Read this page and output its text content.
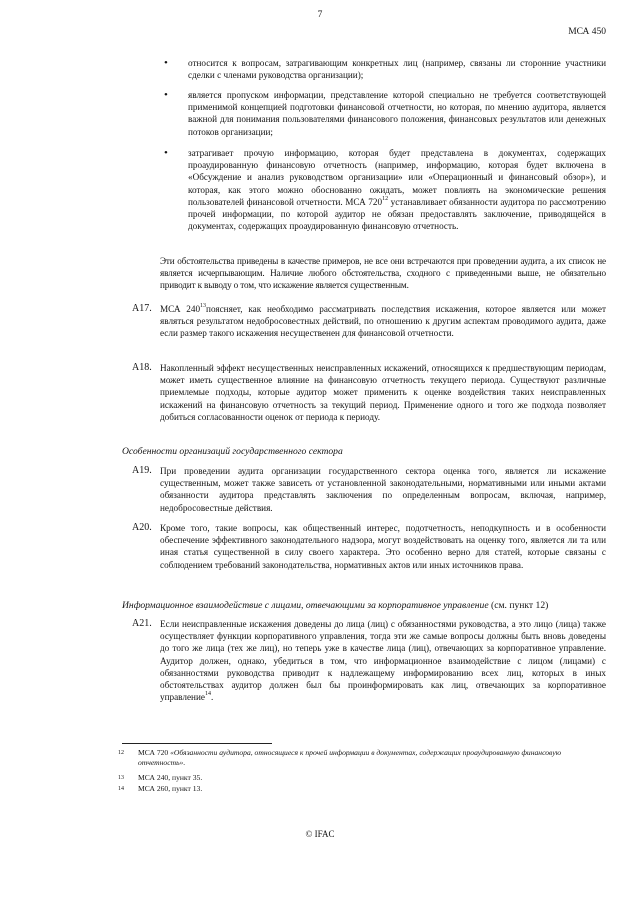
7
МСА 450
• относится к вопросам, затрагивающим конкретных лиц (например, связаны ли сторонние участники сделки с членами руководства организации);
• является пропуском информации, представление которой специально не требуется соответствующей применимой концепцией подготовки финансовой отчетности, но которая, по мнению аудитора, является важной для понимания пользователями финансового положения, финансовых результатов или денежных потоков организации;
• затрагивает прочую информацию, которая будет представлена в документах, содержащих проаудированную финансовую отчетность (например, информацию, которая будет включена в «Обсуждение и анализ руководством организации» или «Операционный и финансовый обзор»), и которая, как этого можно обоснованно ожидать, может повлиять на экономические решения пользователей финансовой отчетности. МСА $720^{12}$ устанавливает обязанности аудитора по рассмотрению прочей информации, по которой аудитор не обязан предоставлять заключение, приводящейся в документах, содержащих проаудированную финансовую отчетность.
Эти обстоятельства приведены в качестве примеров, не все они встречаются при проведении аудита, а их список не является исчерпывающим. Наличие любого обстоятельства, сходного с приведенными выше, не обязательно приводит к выводу о том, что искажение является существенным.
A17. МСА $240^{13}поясняет$, как необходимо рассматривать последствия искажения, которое является или может являться результатом недобросовестных действий, по отношению к другим аспектам проводимого аудита, даже если размер такого искажения несущественен для финансовой отчетности.
A18. Накопленный эффект несущественных неисправленных искажений, относящихся к предшествующим периодам, может иметь существенное влияние на финансовую отчетность текущего периода. Существуют различные приемлемые подходы, которые аудитор может применить к оценке воздействия таких неисправленных искажений на финансовую отчетность за текущий период. Применение одного и того же подхода позволяет добиться согласованности оценок от периода к периоду.
Особенности организаций государственного сектора
A19. При проведении аудита организации государственного сектора оценка того, является ли искажение существенным, может также зависеть от установленной законодательными, нормативными или иными актами обязанности аудитора представлять заключения по определенным вопросам, включая, например, недобросовестные действия.
A20. Кроме того, такие вопросы, как общественный интерес, подотчетность, неподкупность и в особенности обеспечение эффективного законодательного надзора, могут воздействовать на оценку того, является ли та или иная статья существенной в силу своего характера. Это особенно верно для статей, которые связаны с соблюдением требований законодательства, нормативных актов или иных источников права.
Информационное взаимодействие с лицами, отвечающими за корпоративное управление (см. пункт 12)
A21. Если неисправленные искажения доведены до лица (лиц) с обязанностями руководства, а это лицо (лица) также осуществляет функции корпоративного управления, тогда эти же самые вопросы должны быть вновь доведены до того же лица (тех же лиц), но теперь уже в качестве лица (лиц), отвечающих за корпоративное управление. Аудитор должен, однако, убедиться в том, что информационное взаимодействие с лицом (лицами) с обязанностями руководства приводит к надлежащему информированию всех лиц, которых в иных обстоятельствах аудитор должен был бы проинформировать как лиц, отвечающих за корпоративное управление$^{14}$.
12 МСА 720 «Обязанности аудитора, относящиеся к прочей информации в документах, содержащих проаудированную финансовую отчетность».
13 МСА 240, пункт 35.
14 МСА 260, пункт 13.
© IFAC
